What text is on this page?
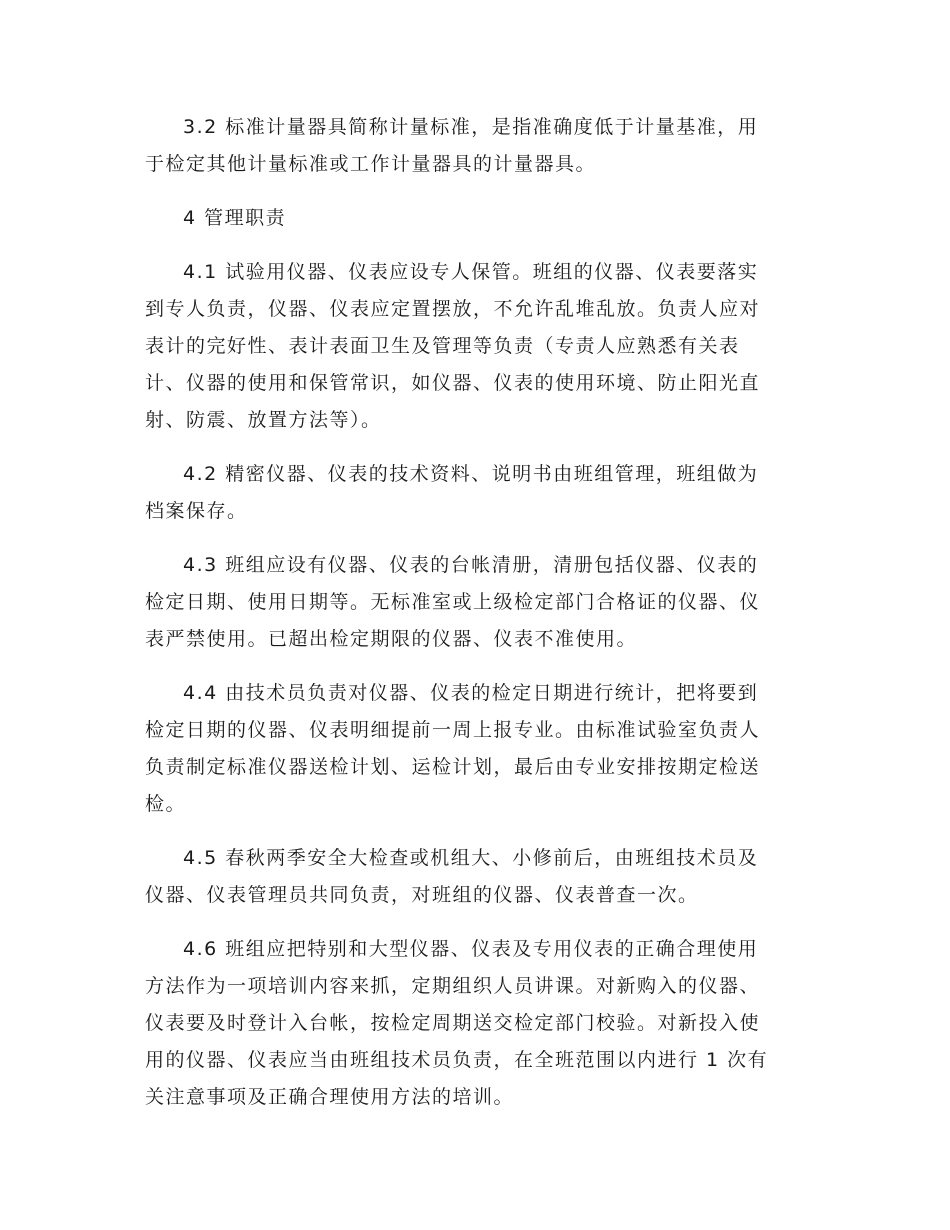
3.2 标准计量器具简称计量标准，是指准确度低于计量基准，用
于检定其他计量标准或工作计量器具的计量器具。
4 管理职责
4.1 试验用仪器、仪表应设专人保管。班组的仪器、仪表要落实
到专人负责，仪器、仪表应定置摆放，不允许乱堆乱放。负责人应对
表计的完好性、表计表面卫生及管理等负责（专责人应熟悉有关表
计、仪器的使用和保管常识，如仪器、仪表的使用环境、防止阳光直
射、防震、放置方法等）。
4.2 精密仪器、仪表的技术资料、说明书由班组管理，班组做为
档案保存。
4.3 班组应设有仪器、仪表的台帐清册，清册包括仪器、仪表的
检定日期、使用日期等。无标准室或上级检定部门合格证的仪器、仪
表严禁使用。已超出检定期限的仪器、仪表不准使用。
4.4 由技术员负责对仪器、仪表的检定日期进行统计，把将要到
检定日期的仪器、仪表明细提前一周上报专业。由标准试验室负责人
负责制定标准仪器送检计划、运检计划，最后由专业安排按期定检送
检。
4.5 春秋两季安全大检查或机组大、小修前后，由班组技术员及
仪器、仪表管理员共同负责，对班组的仪器、仪表普查一次。
4.6 班组应把特别和大型仪器、仪表及专用仪表的正确合理使用
方法作为一项培训内容来抓，定期组织人员讲课。对新购入的仪器、
仪表要及时登计入台帐，按检定周期送交检定部门校验。对新投入使
用的仪器、仪表应当由班组技术员负责，在全班范围以内进行 1 次有
关注意事项及正确合理使用方法的培训。
